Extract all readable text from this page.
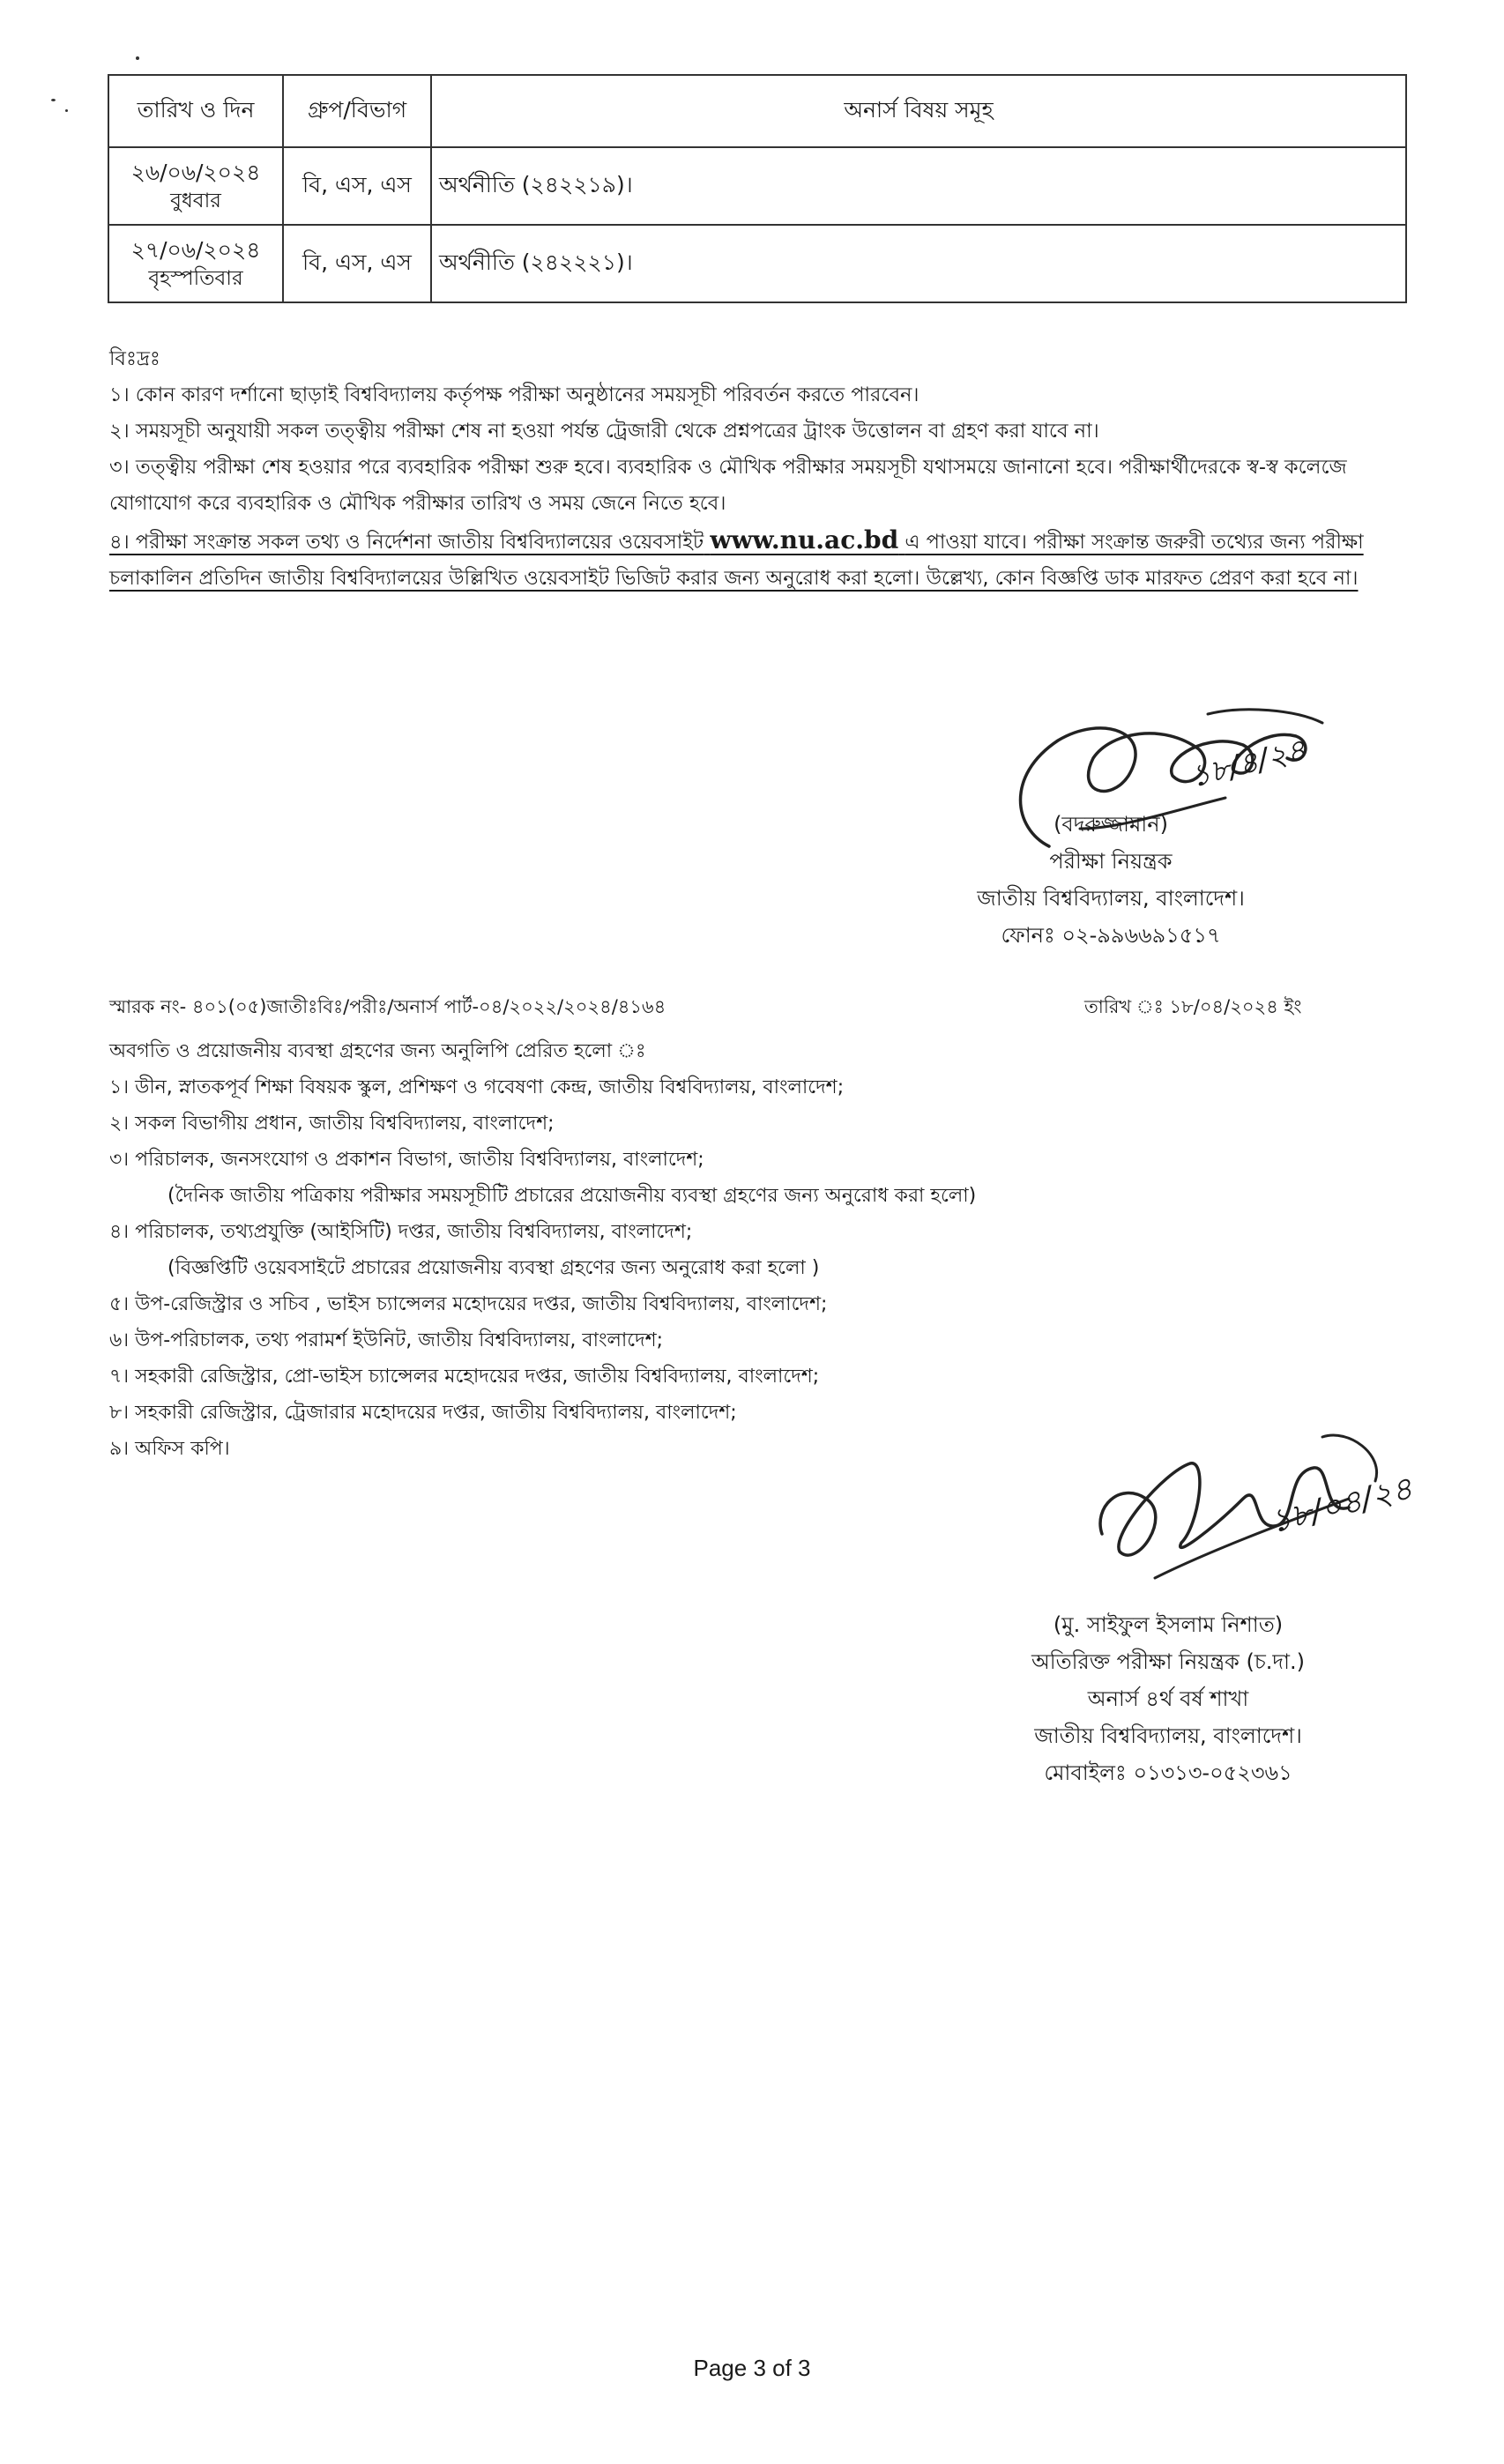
তারিখ ও দিন	গ্রুপ/বিভাগ	অনার্স বিষয় সমূহ

২৬/০৬/২০২৪
বুধবার	বি, এস, এস	অর্থনীতি (২৪২২১৯)।

২৭/০৬/২০২৪
বৃহস্পতিবার	বি, এস, এস	অর্থনীতি (২৪২২২১)।

বিঃদ্রঃ

১। কোন কারণ দর্শানো ছাড়াই বিশ্ববিদ্যালয় কর্তৃপক্ষ পরীক্ষা অনুষ্ঠানের সময়সূচী পরিবর্তন করতে পারবেন।

২। সময়সূচী অনুযায়ী সকল তত্ত্বীয় পরীক্ষা শেষ না হওয়া পর্যন্ত ট্রেজারী থেকে প্রশ্নপত্রের ট্রাংক উত্তোলন বা গ্রহণ করা যাবে না।

৩। তত্ত্বীয় পরীক্ষা শেষ হওয়ার পরে ব্যবহারিক পরীক্ষা শুরু হবে। ব্যবহারিক ও মৌখিক পরীক্ষার সময়সূচী যথাসময়ে জানানো হবে। পরীক্ষার্থীদেরকে স্ব-স্ব কলেজে যোগাযোগ করে ব্যবহারিক ও মৌখিক পরীক্ষার তারিখ ও সময় জেনে নিতে হবে।

৪। পরীক্ষা সংক্রান্ত সকল তথ্য ও নির্দেশনা জাতীয় বিশ্ববিদ্যালয়ের ওয়েবসাইট www.nu.ac.bd এ পাওয়া যাবে। পরীক্ষা সংক্রান্ত জরুরী তথ্যের জন্য পরীক্ষা চলাকালিন প্রতিদিন জাতীয় বিশ্ববিদ্যালয়ের উল্লিখিত ওয়েবসাইট ভিজিট করার জন্য অনুরোধ করা হলো। উল্লেখ্য, কোন বিজ্ঞপ্তি ডাক মারফত প্রেরণ করা হবে না।

১৮/৪/২৪
(বদরুজ্জামান)
পরীক্ষা নিয়ন্ত্রক
জাতীয় বিশ্ববিদ্যালয়, বাংলাদেশ।
ফোনঃ ০২-৯৯৬৬৯১৫১৭
স্মারক নং- ৪০১(০৫)জাতীঃবিঃ/পরীঃ/অনার্স পার্ট-০৪/২০২২/২০২৪/৪১৬৪	তারিখ ঃ ১৮/০৪/২০২৪ ইং

অবগতি ও প্রয়োজনীয় ব্যবস্থা গ্রহণের জন্য অনুলিপি প্রেরিত হলো ঃ

১। ডীন, স্নাতকপূর্ব শিক্ষা বিষয়ক স্কুল, প্রশিক্ষণ ও গবেষণা কেন্দ্র, জাতীয় বিশ্ববিদ্যালয়, বাংলাদেশ;

২। সকল বিভাগীয় প্রধান, জাতীয় বিশ্ববিদ্যালয়, বাংলাদেশ;

৩। পরিচালক, জনসংযোগ ও প্রকাশন বিভাগ, জাতীয় বিশ্ববিদ্যালয়, বাংলাদেশ;

(দৈনিক জাতীয় পত্রিকায় পরীক্ষার সময়সূচীটি প্রচারের প্রয়োজনীয় ব্যবস্থা গ্রহণের জন্য অনুরোধ করা হলো)

৪। পরিচালক, তথ্যপ্রযুক্তি (আইসিটি) দপ্তর, জাতীয় বিশ্ববিদ্যালয়, বাংলাদেশ;

(বিজ্ঞপ্তিটি ওয়েবসাইটে প্রচারের প্রয়োজনীয় ব্যবস্থা গ্রহণের জন্য অনুরোধ করা হলো )

৫। উপ-রেজিস্ট্রার ও সচিব , ভাইস চ্যান্সেলর মহোদয়ের দপ্তর, জাতীয় বিশ্ববিদ্যালয়, বাংলাদেশ;

৬। উপ-পরিচালক, তথ্য পরামর্শ ইউনিট, জাতীয় বিশ্ববিদ্যালয়, বাংলাদেশ;

৭। সহকারী রেজিস্ট্রার, প্রো-ভাইস চ্যান্সেলর মহোদয়ের দপ্তর, জাতীয় বিশ্ববিদ্যালয়, বাংলাদেশ;

৮। সহকারী রেজিস্ট্রার, ট্রেজারার মহোদয়ের দপ্তর, জাতীয় বিশ্ববিদ্যালয়, বাংলাদেশ;

৯। অফিস কপি।

১৮/০৪/২৪
(মু. সাইফুল ইসলাম নিশাত)
অতিরিক্ত পরীক্ষা নিয়ন্ত্রক (চ.দা.)
অনার্স ৪র্থ বর্ষ শাখা
জাতীয় বিশ্ববিদ্যালয়, বাংলাদেশ।
মোবাইলঃ ০১৩১৩-০৫২৩৬১
Page 3 of 3
